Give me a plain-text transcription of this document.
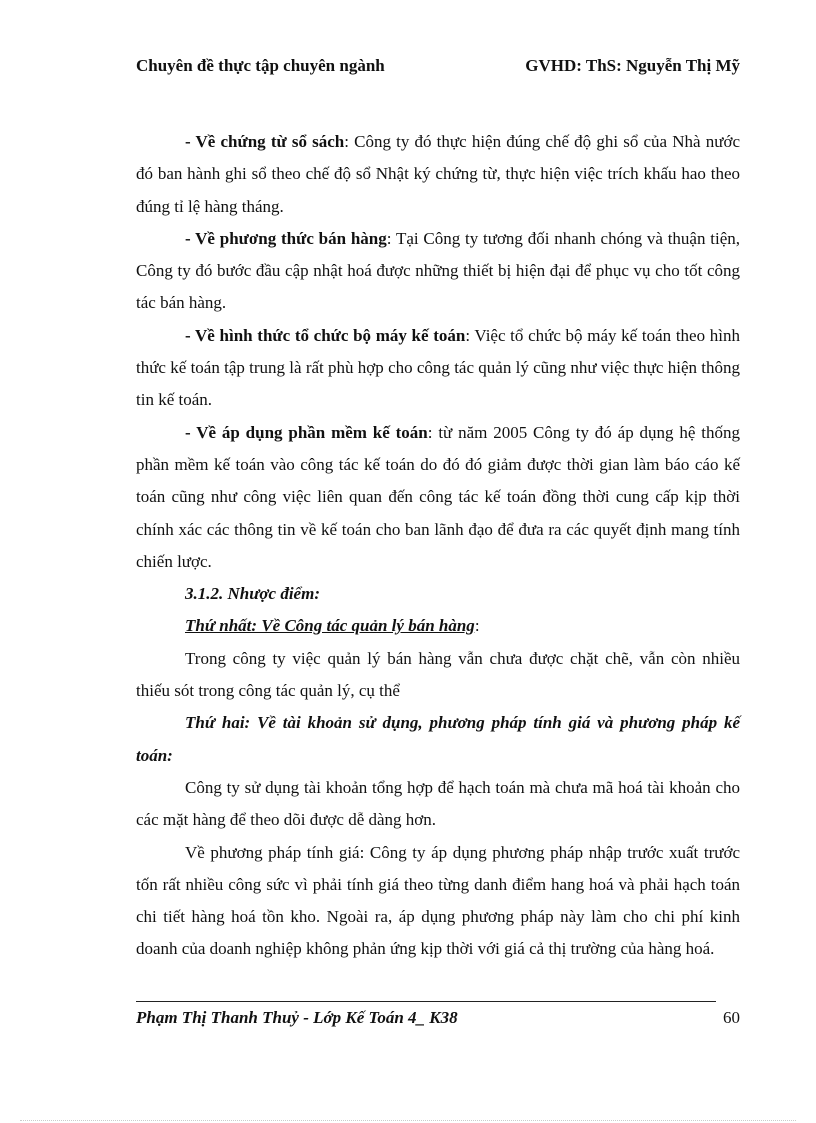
Chuyên đề thực tập chuyên ngành	GVHD: ThS: Nguyễn Thị Mỹ

- Về chứng từ sổ sách: Công ty đó thực hiện đúng chế độ ghi sổ của Nhà nước đó ban hành ghi sổ theo chế độ sổ Nhật ký chứng từ, thực hiện việc trích khấu hao theo đúng tỉ lệ hàng tháng.

- Về phương thức bán hàng: Tại Công ty tương đối nhanh chóng và thuận tiện, Công ty đó bước đầu cập nhật hoá được những thiết bị hiện đại để phục vụ cho tốt công tác bán hàng.

- Về hình thức tổ chức bộ máy kế toán: Việc tổ chức bộ máy kế toán theo hình thức kế toán tập trung là rất phù hợp cho công tác quản lý cũng như việc thực hiện thông tin kế toán.

- Về áp dụng phần mềm kế toán: từ năm 2005 Công ty đó áp dụng hệ thống phần mềm kế toán vào công tác kế toán do đó đó giảm được thời gian làm báo cáo kế toán cũng như công việc liên quan đến công tác kế toán đồng thời cung cấp kịp thời chính xác các thông tin về kế toán cho ban lãnh đạo để đưa ra các quyết định mang tính chiến lược.

3.1.2. Nhược điểm:

Thứ nhất: Về Công tác quản lý bán hàng:

Trong công ty việc quản lý bán hàng vẫn chưa được chặt chẽ, vẫn còn nhiều thiếu sót trong công tác quản lý, cụ thể

Thứ hai: Về tài khoản sử dụng, phương pháp tính giá và phương pháp kế toán:

Công ty sử dụng tài khoản tổng hợp để hạch toán mà chưa mã hoá tài khoản cho các mặt hàng để theo dõi được dễ dàng hơn.

Về phương pháp tính giá: Công ty áp dụng phương pháp nhập trước xuất trước tốn rất nhiều công sức vì phải tính giá theo từng danh điểm hang hoá và phải hạch toán chi tiết hàng hoá tồn kho. Ngoài ra, áp dụng phương pháp này làm cho chi phí kinh doanh của doanh nghiệp không phản ứng kịp thời với giá cả thị trường của hàng hoá.

Phạm Thị Thanh Thuỷ - Lớp Kế Toán 4_ K38	60
